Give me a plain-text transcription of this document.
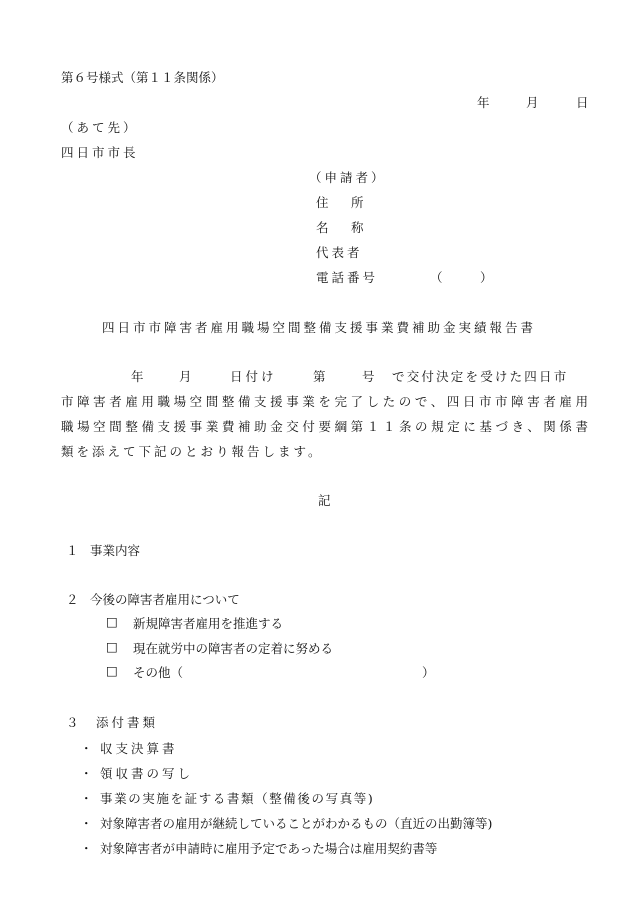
第６号様式（第１１条関係）
年	月	日
（あて先）
四日市市長
（申請者）
住　所
名　称
代表者
電話番号	（　　　）
四日市市障害者雇用職場空間整備支援事業費補助金実績報告書
年	月	日付け	第	号 で交付決定を受けた四日市
市障害者雇用職場空間整備支援事業を完了したので、四日市市障害者雇用
職場空間整備支援事業費補助金交付要綱第１１条の規定に基づき、関係書
類を添えて下記のとおり報告します。
記
１ 事業内容
２ 今後の障害者雇用について
□ 新規障害者雇用を推進する
□ 現在就労中の障害者の定着に努める
□ その他（	）
３ 添付書類
・ 収支決算書
・ 領収書の写し
・ 事業の実施を証する書類（整備後の写真等)
・ 対象障害者の雇用が継続していることがわかるもの（直近の出勤簿等)
・ 対象障害者が申請時に雇用予定であった場合は雇用契約書等
